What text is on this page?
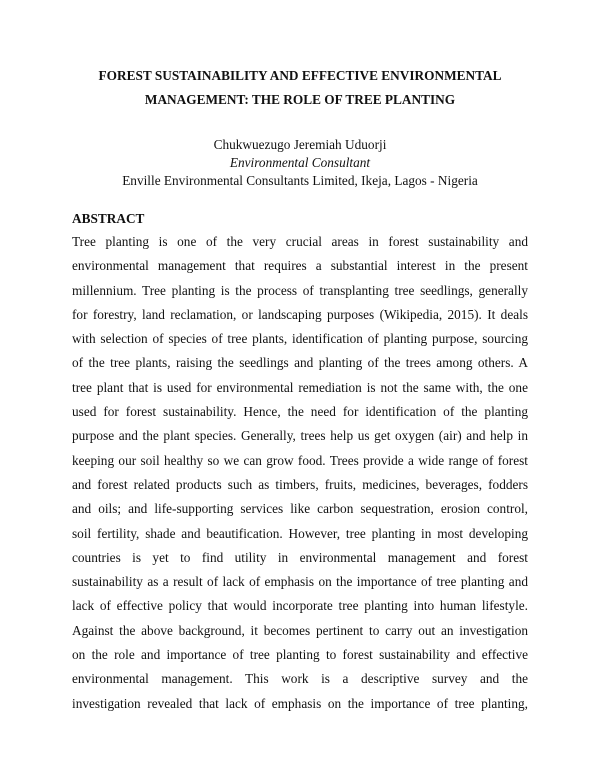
FOREST SUSTAINABILITY AND EFFECTIVE ENVIRONMENTAL

MANAGEMENT: THE ROLE OF TREE PLANTING

Chukwuezugo Jeremiah Uduorji
Environmental Consultant
Enville Environmental Consultants Limited, Ikeja, Lagos - Nigeria
ABSTRACT
Tree planting is one of the very crucial areas in forest sustainability and
environmental management that requires a substantial interest in the present
millennium. Tree planting is the process of transplanting tree seedlings, generally
for forestry, land reclamation, or landscaping purposes (Wikipedia, 2015). It deals
with selection of species of tree plants, identification of planting purpose, sourcing
of the tree plants, raising the seedlings and planting of the trees among others. A
tree plant that is used for environmental remediation is not the same with, the one
used for forest sustainability. Hence, the need for identification of the planting
purpose and the plant species. Generally, trees help us get oxygen (air) and help in
keeping our soil healthy so we can grow food. Trees provide a wide range of forest
and forest related products such as timbers, fruits, medicines, beverages, fodders
and oils; and life-supporting services like carbon sequestration, erosion control,
soil fertility, shade and beautification. However, tree planting in most developing
countries is yet to find utility in environmental management and forest
sustainability as a result of lack of emphasis on the importance of tree planting and
lack of effective policy that would incorporate tree planting into human lifestyle.
Against the above background, it becomes pertinent to carry out an investigation
on the role and importance of tree planting to forest sustainability and effective
environmental management. This work is a descriptive survey and the
investigation revealed that lack of emphasis on the importance of tree planting,
